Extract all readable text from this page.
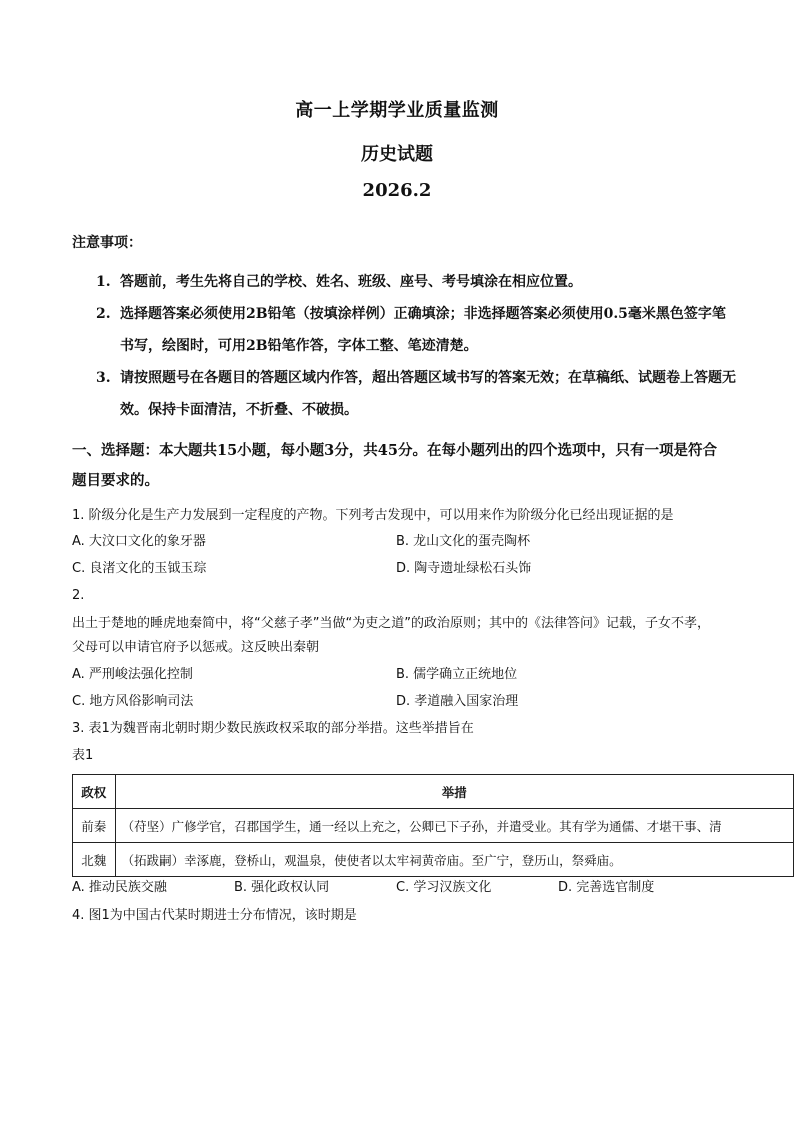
高一上学期学业质量监测
历史试题
2026.2
注意事项：
1. 答题前，考生先将自己的学校、姓名、班级、座号、考号填涂在相应位置。
2. 选择题答案必须使用2B铅笔（按填涂样例）正确填涂；非选择题答案必须使用0.5毫米黑色签字笔书写，绘图时，可用2B铅笔作答，字体工整、笔迹清楚。
3. 请按照题号在各题目的答题区域内作答，超出答题区域书写的答案无效；在草稿纸、试题卷上答题无效。保持卡面清洁，不折叠、不破损。
一、选择题：本大题共15小题，每小题3分，共45分。在每小题列出的四个选项中，只有一项是符合题目要求的。
1. 阶级分化是生产力发展到一定程度的产物。下列考古发现中，可以用来作为阶级分化已经出现证据的是
A. 大汶口文化的象牙器	B. 龙山文化的蛋壳陶杯
C. 良渚文化的玉钺玉琮	D. 陶寺遗址绿松石头饰
2.
出土于楚地的睡虎地秦简中，将“父慈子孝”当做“为吏之道”的政治原则；其中的《法律答问》记载，子女不孝，父母可以申请官府予以惩戒。这反映出秦朝
A. 严刑峻法强化控制	B. 儒学确立正统地位
C. 地方风俗影响司法	D. 孝道融入国家治理
3. 表1为魏晋南北朝时期少数民族政权采取的部分举措。这些举措旨在
表1
政权	举措
前秦	（苻坚）广修学官，召郡国学生，通一经以上充之，公卿已下子孙，并遣受业。其有学为通儒、才堪干事、清
北魏	（拓跋嗣）幸涿鹿，登桥山，观温泉，使使者以太牢祠黄帝庙。至广宁，登历山，祭舜庙。
A. 推动民族交融	B. 强化政权认同	C. 学习汉族文化	D. 完善选官制度
4. 图1为中国古代某时期进士分布情况，该时期是
